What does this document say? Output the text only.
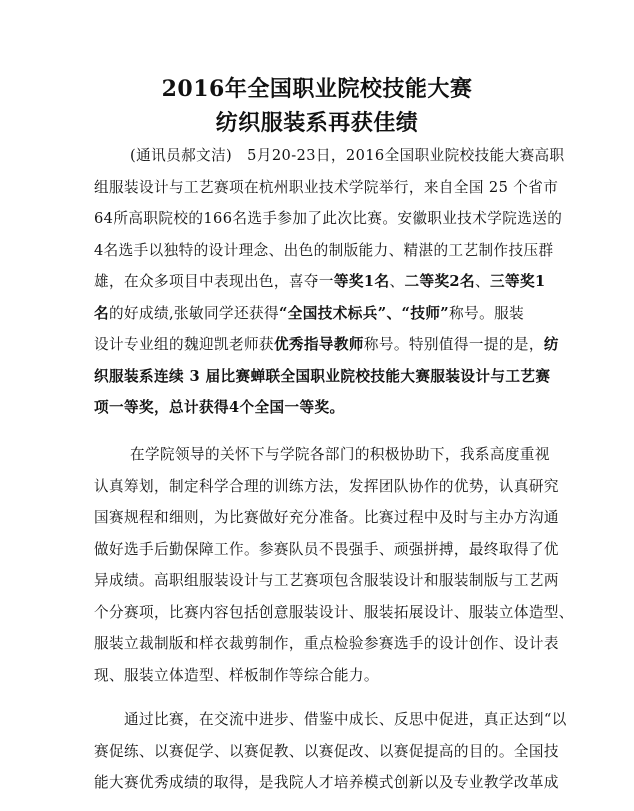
2016年全国职业院校技能大赛
纺织服装系再获佳绩
(通讯员郝文洁)　5月20-23日，2016全国职业院校技能大赛高职
组服装设计与工艺赛项在杭州职业技术学院举行，来自全国 25 个省市
64所高职院校的166名选手参加了此次比赛。安徽职业技术学院选送的
4名选手以独特的设计理念、出色的制版能力、精湛的工艺制作技压群
雄，在众多项目中表现出色，喜夺一等奖1名、二等奖2名、三等奖1
名的好成绩,张敏同学还获得“全国技术标兵”、“技师”称号。服装
设计专业组的魏迎凯老师获优秀指导教师称号。特别值得一提的是，纺
织服装系连续 3 届比赛蝉联全国职业院校技能大赛服装设计与工艺赛
项一等奖，总计获得4个全国一等奖。
在学院领导的关怀下与学院各部门的积极协助下，我系高度重视
认真筹划，制定科学合理的训练方法，发挥团队协作的优势，认真研究
国赛规程和细则，为比赛做好充分准备。比赛过程中及时与主办方沟通
做好选手后勤保障工作。参赛队员不畏强手、顽强拼搏，最终取得了优
异成绩。高职组服装设计与工艺赛项包含服装设计和服装制版与工艺两
个分赛项，比赛内容包括创意服装设计、服装拓展设计、服装立体造型、
服装立裁制版和样衣裁剪制作，重点检验参赛选手的设计创作、设计表
现、服装立体造型、样板制作等综合能力。
通过比赛，在交流中进步、借鉴中成长、反思中促进，真正达到“以
赛促练、以赛促学、以赛促教、以赛促改、以赛促提高的目的。全国技
能大赛优秀成绩的取得，是我院人才培养模式创新以及专业教学改革成
